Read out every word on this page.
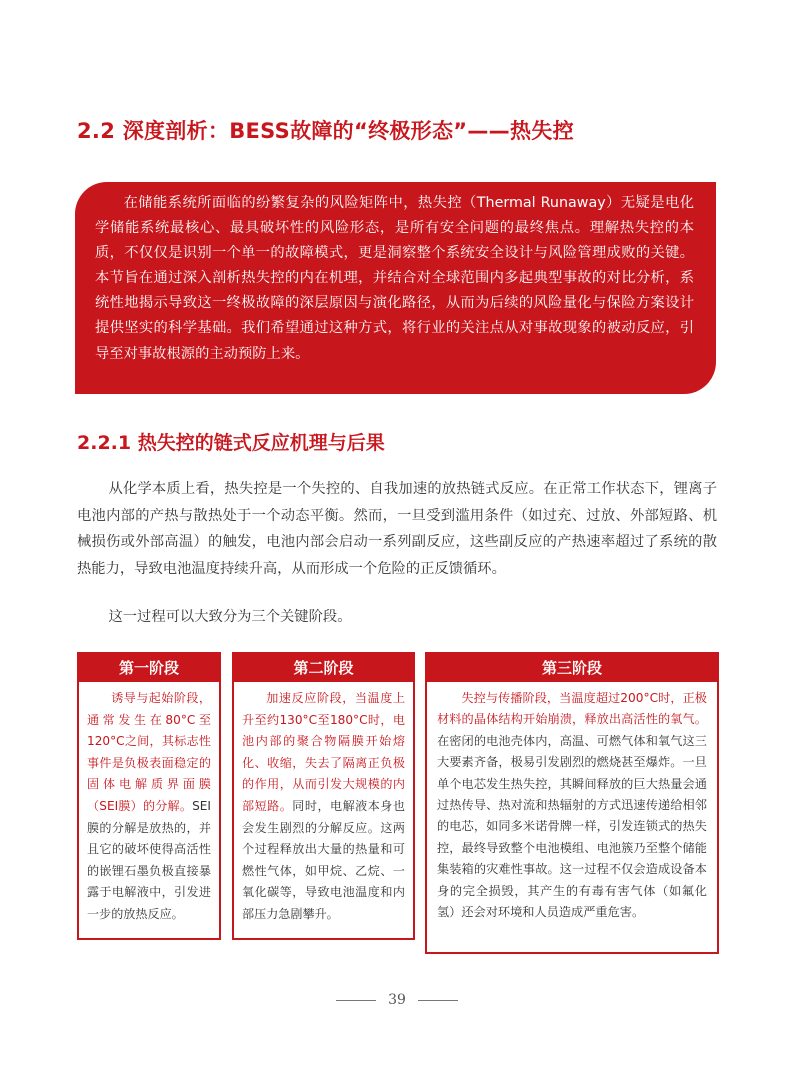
2.2 深度剖析：BESS故障的“终极形态”——热失控
在储能系统所面临的纷繁复杂的风险矩阵中，热失控（Thermal Runaway）无疑是电化学储能系统最核心、最具破坏性的风险形态，是所有安全问题的最终焦点。理解热失控的本质，不仅仅是识别一个单一的故障模式，更是洞察整个系统安全设计与风险管理成败的关键。本节旨在通过深入剖析热失控的内在机理，并结合对全球范围内多起典型事故的对比分析，系统性地揭示导致这一终极故障的深层原因与演化路径，从而为后续的风险量化与保险方案设计提供坚实的科学基础。我们希望通过这种方式，将行业的关注点从对事故现象的被动反应，引导至对事故根源的主动预防上来。
2.2.1 热失控的链式反应机理与后果

从化学本质上看，热失控是一个失控的、自我加速的放热链式反应。在正常工作状态下，锂离子电池内部的产热与散热处于一个动态平衡。然而，一旦受到滥用条件（如过充、过放、外部短路、机械损伤或外部高温）的触发，电池内部会启动一系列副反应，这些副反应的产热速率超过了系统的散热能力，导致电池温度持续升高，从而形成一个危险的正反馈循环。

这一过程可以大致分为三个关键阶段。

第一阶段
诱导与起始阶段，通常发生在80°C至120°C之间，其标志性事件是负极表面稳定的固体电解质界面膜（SEI膜）的分解。SEI膜的分解是放热的，并且它的破坏使得高活性的嵌锂石墨负极直接暴露于电解液中，引发进一步的放热反应。
第二阶段
加速反应阶段，当温度上升至约130°C至180°C时，电池内部的聚合物隔膜开始熔化、收缩，失去了隔离正负极的作用，从而引发大规模的内部短路。同时，电解液本身也会发生剧烈的分解反应。这两个过程释放出大量的热量和可燃性气体，如甲烷、乙烷、一氧化碳等，导致电池温度和内部压力急剧攀升。
第三阶段
失控与传播阶段，当温度超过200°C时，正极材料的晶体结构开始崩溃，释放出高活性的氧气。在密闭的电池壳体内，高温、可燃气体和氧气这三大要素齐备，极易引发剧烈的燃烧甚至爆炸。一旦单个电芯发生热失控，其瞬间释放的巨大热量会通过热传导、热对流和热辐射的方式迅速传递给相邻的电芯，如同多米诺骨牌一样，引发连锁式的热失控，最终导致整个电池模组、电池簇乃至整个储能集装箱的灾难性事故。这一过程不仅会造成设备本身的完全损毁，其产生的有毒有害气体（如氟化氢）还会对环境和人员造成严重危害。
39
